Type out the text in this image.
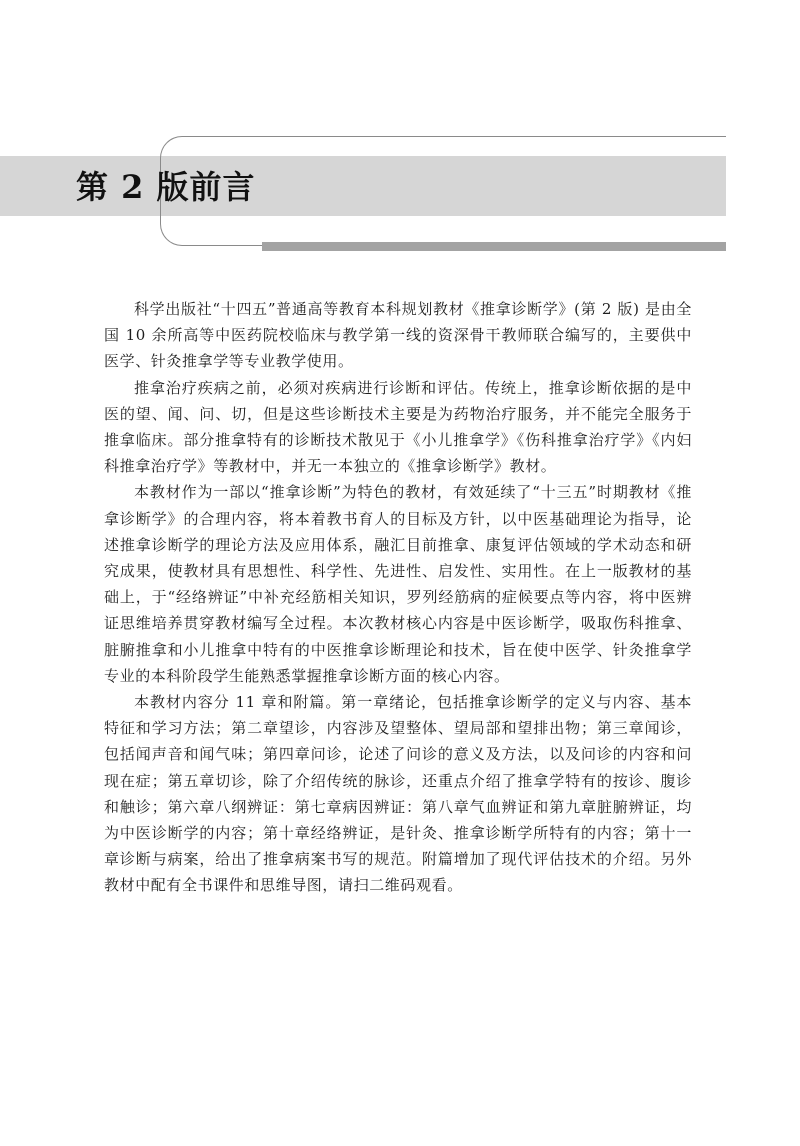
第 2 版前言

科学出版社“十四五”普通高等教育本科规划教材《推拿诊断学》(第 2 版) 是由全国 10 余所高等中医药院校临床与教学第一线的资深骨干教师联合编写的，主要供中医学、针灸推拿学等专业教学使用。

推拿治疗疾病之前，必须对疾病进行诊断和评估。传统上，推拿诊断依据的是中医的望、闻、问、切，但是这些诊断技术主要是为药物治疗服务，并不能完全服务于推拿临床。部分推拿特有的诊断技术散见于《小儿推拿学》《伤科推拿治疗学》《内妇科推拿治疗学》等教材中，并无一本独立的《推拿诊断学》教材。

本教材作为一部以“推拿诊断”为特色的教材，有效延续了“十三五”时期教材《推拿诊断学》的合理内容，将本着教书育人的目标及方针，以中医基础理论为指导，论述推拿诊断学的理论方法及应用体系，融汇目前推拿、康复评估领域的学术动态和研究成果，使教材具有思想性、科学性、先进性、启发性、实用性。在上一版教材的基础上，于“经络辨证”中补充经筋相关知识，罗列经筋病的症候要点等内容，将中医辨证思维培养贯穿教材编写全过程。本次教材核心内容是中医诊断学，吸取伤科推拿、脏腑推拿和小儿推拿中特有的中医推拿诊断理论和技术，旨在使中医学、针灸推拿学专业的本科阶段学生能熟悉掌握推拿诊断方面的核心内容。

本教材内容分 11 章和附篇。第一章绪论，包括推拿诊断学的定义与内容、基本特征和学习方法；第二章望诊，内容涉及望整体、望局部和望排出物；第三章闻诊，包括闻声音和闻气味；第四章问诊，论述了问诊的意义及方法，以及问诊的内容和问现在症；第五章切诊，除了介绍传统的脉诊，还重点介绍了推拿学特有的按诊、腹诊和触诊；第六章八纲辨证：第七章病因辨证：第八章气血辨证和第九章脏腑辨证，均为中医诊断学的内容；第十章经络辨证，是针灸、推拿诊断学所特有的内容；第十一章诊断与病案，给出了推拿病案书写的规范。附篇增加了现代评估技术的介绍。另外教材中配有全书课件和思维导图，请扫二维码观看。
